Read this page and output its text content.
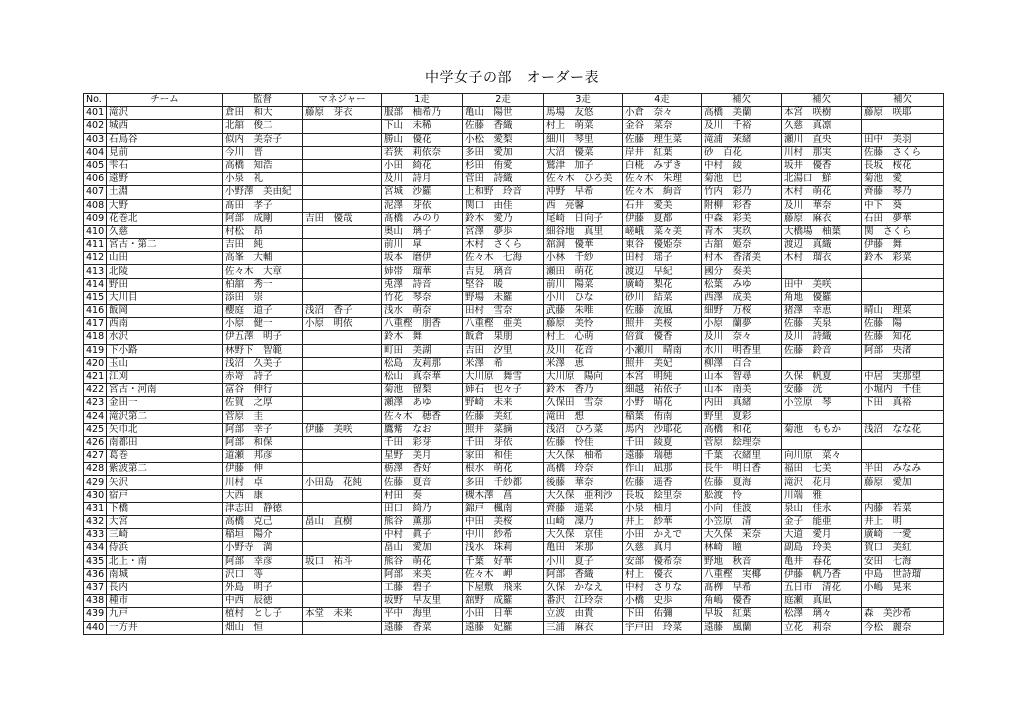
中学女子の部　オーダー表
No.	チーム	監督	マネジャー	1走	2走	3走	4走	補欠	補欠	補欠
401	滝沢	倉田　和大	藤原　芽衣	服部　柚希乃	亀山　陽世	馬場　友悠	小倉　奈々	高橋　美蘭	本宮　咲樹	藤原　咲耶
402	城西	北舘　俊二		下山　未稀	佐藤　香織	村上　萌菜	金谷　菜奈	及川　千裕	久慈　真凛	
403	石鳥谷	似内　美奈子		勝山　優花	小松　愛梨	細川　琴里	佐藤　理生菜	滝浦　茉緒	瀬川　直央	田中　美羽
404	見前	今川　晋		若狭　莉依奈	多田　愛加	大沼　優菜	岸井　紅葉	砂　百花	川村　那実	佐藤　さくら
405	雫石	高橋　知浩		小田　綺花	杉田　侑愛	鷲津　加子	白椛　みずき	中村　綾	坂井　優香	長坂　桜花
406	遠野	小泉　礼		及川　詩月	菅田　詩織	佐々木　ひろ美	佐々木　朱理	菊池　巴	北湯口　鮮	菊池　愛
407	土淵	小野澤　美由紀		宮城　沙羅	上和野　玲音	沖野　早希	佐々木　絢音	竹内　彩乃	木村　萌花	齊藤　琴乃
408	大野	髙田　孝子		泥澤　芽依	関口　由佳	西　亮馨	石井　愛美	附柳　彩香	及川　華奈	中下　葵
409	花巻北	阿部　成剛	吉田　優哉	髙橋　みのり	鈴木　愛乃	尾崎　日向子	伊藤　夏都	中森　彩美	藤原　麻衣	石田　夢華
410	久慈	村松　昂		奥山　璃子	宮澤　夢歩	細谷地　真里	嵯峨　菜々美	青木　実玖	大橋場　柚葉	関　さくら
411	宮古・第二	吉田　純		前川　皐	木村　さくら	舘洞　優華	東谷　優姫奈	古舘　姫奈	渡辺　真織	伊藤　舞
412	山田	高峯　大輔		坂本　磨伊	佐々木　七海	小林　千紗	田村　瑶子	村木　香渚美	木村　瑠衣	鈴木　彩菜
413	北陵	佐々木　大章		姉帯　瑠華	吉見　璃音	瀬田　萌花	渡辺　早紀	國分　奏美		
414	野田	柏舘　秀一		兎澤　詩音	堅谷　暖	前川　陽菜	廣崎　梨花	松葉　みゆ	田中　美咲	
415	大川目	添田　崇		竹花　琴奈	野場　未羅	小川　ひな	砂川　結菜	西澤　成美	角地　優羅	
416	飯岡	櫻庭　道子	浅沼　香子	浅水　萌奈	田村　雪奈	武藤　朱唯	佐藤　流風	細野　万桜	猪澤　幸恵	晴山　理菜
417	西南	小原　健一	小原　明依	八重樫　朋香	八重樫　亜美	藤原　美怜	照井　美桜	小原　蘭夢	佐藤　芙泉	佐藤　陽
418	水沢	伊五澤　明子		鈴木　舞	飯倉　果朋	村上　心萌	倍賞　優香	及川　奈々	及川　詩織	佐藤　知花
419	下小路	林野下　智範		町田　美湖	吉田　汐里	及川　花音	小瀬川　晴南	水川　明香里	佐藤　鈴音	阿部　央渚
420	玉山	浅沼　久美子		松島　友莉那	米澤　希	米澤　恵	照井　美妃	柳澤　百合		
421	江刈	赤嵜　詩子		松山　真奈華	大川原　舞雪	大川原　陽向	本宮　明純	山本　智尋	久保　帆夏	中居　実那望
422	宮古・河南	富谷　伸行		菊池　留梨	姉石　也々子	鈴木　香乃	細越　祐依子	山本　南美	安藤　洸	小堀内　千佳
423	金田一	佐賀　之厚		瀬澤　あゆ	野崎　未来	久保田　雪奈	小野　晴花	内田　真緒	小笠原　琴	下田　真裕
424	滝沢第二	菅原　圭		佐々木　穂香	佐藤　美紅	滝田　想	稲葉　侑南	野里　夏彩		
425	矢巾北	阿部　幸子	伊藤　美咲	鷹觜　なお	照井　菜摘	浅沼　ひろ菜	馬内　沙耶花	高橋　和花	菊池　ももか	浅沼　なな花
426	南都田	阿部　和保		千田　彩芽	千田　芽依	佐藤　怜佳	千田　綾夏	菅原　絵理奈		
427	葛巻	道瀬　邦彦		星野　美月	家田　和佳	大久保　柚希	遠藤　瑞穂	千葉　衣緒里	向川原　菜々	
428	紫波第二	伊藤　伸		栃澤　香好	根水　萌花	高橋　玲奈	作山　凪那	長牛　明日香	福田　七美	半田　みなみ
429	矢沢	川村　卓	小田島　花純	佐藤　夏音	多田　千紗都	後藤　華奈	佐藤　遥香	佐藤　夏海	滝沢　花月	藤原　愛加
430	宿戸	大西　康		村田　奏	槻木澤　菖	大久保　亜利沙	長坂　絵里奈	舩渡　怜	川端　雅	
431	下橋	津志田　静徳		田口　綺乃	錦戸　楓南	齊藤　遥菜	小泉　柚月	小向　佳波	泉山　佳永	内藤　若菜
432	大宮	高橋　克己	畠山　直樹	熊谷　薫那	中田　美桜	山崎　凜乃	井上　紗華	小笠原　清	金子　能亜	井上　明
433	三崎	稲垣　陽介		中村　眞子	中川　紗希	大久保　京佳	小田　かえで	大久保　茉奈	大道　愛月	廣崎　一愛
434	侍浜	小野寺　満		畠山　愛加	浅水　珠莉	亀田　茉那	久慈　真月	林崎　瞳	副島　玲美	賀口　美紅
435	北上・南	阿部　幸彦	坂口　祐斗	熊谷　萌花	千葉　好華	小川　夏子	安部　優希奈	野地　秋音	亀井　春花	安田　七海
436	南城	沢口　等		阿部　来美	佐々木　岬	阿部　香織	村上　優衣	八重樫　実椰	伊藤　帆乃香	中島　世詩瑠
437	長内	外島　明子		工藤　碧子	下屋敷　飛来	久保　かなえ	中村　さりな	髙栁　早希	五日市　清花	小嶋　晃来
438	種市	中西　辰徳		坂野　早友里	舘野　成羅	番沢　江玲奈	小橋　史歩	角嶋　優香	庭瀬　真凪	
439	九戸	植村　とし子	本堂　未来	平中　海里	小田　日華	立波　由貴	下田　佑彌	早坂　紅葉	松澤　璃々	森　美沙希
440	一方井	畑山　恒		遠藤　香菜	遠藤　妃羅	三浦　麻衣	宇戸田　玲菜	遠藤　風蘭	立花　莉奈	今松　麗奈
